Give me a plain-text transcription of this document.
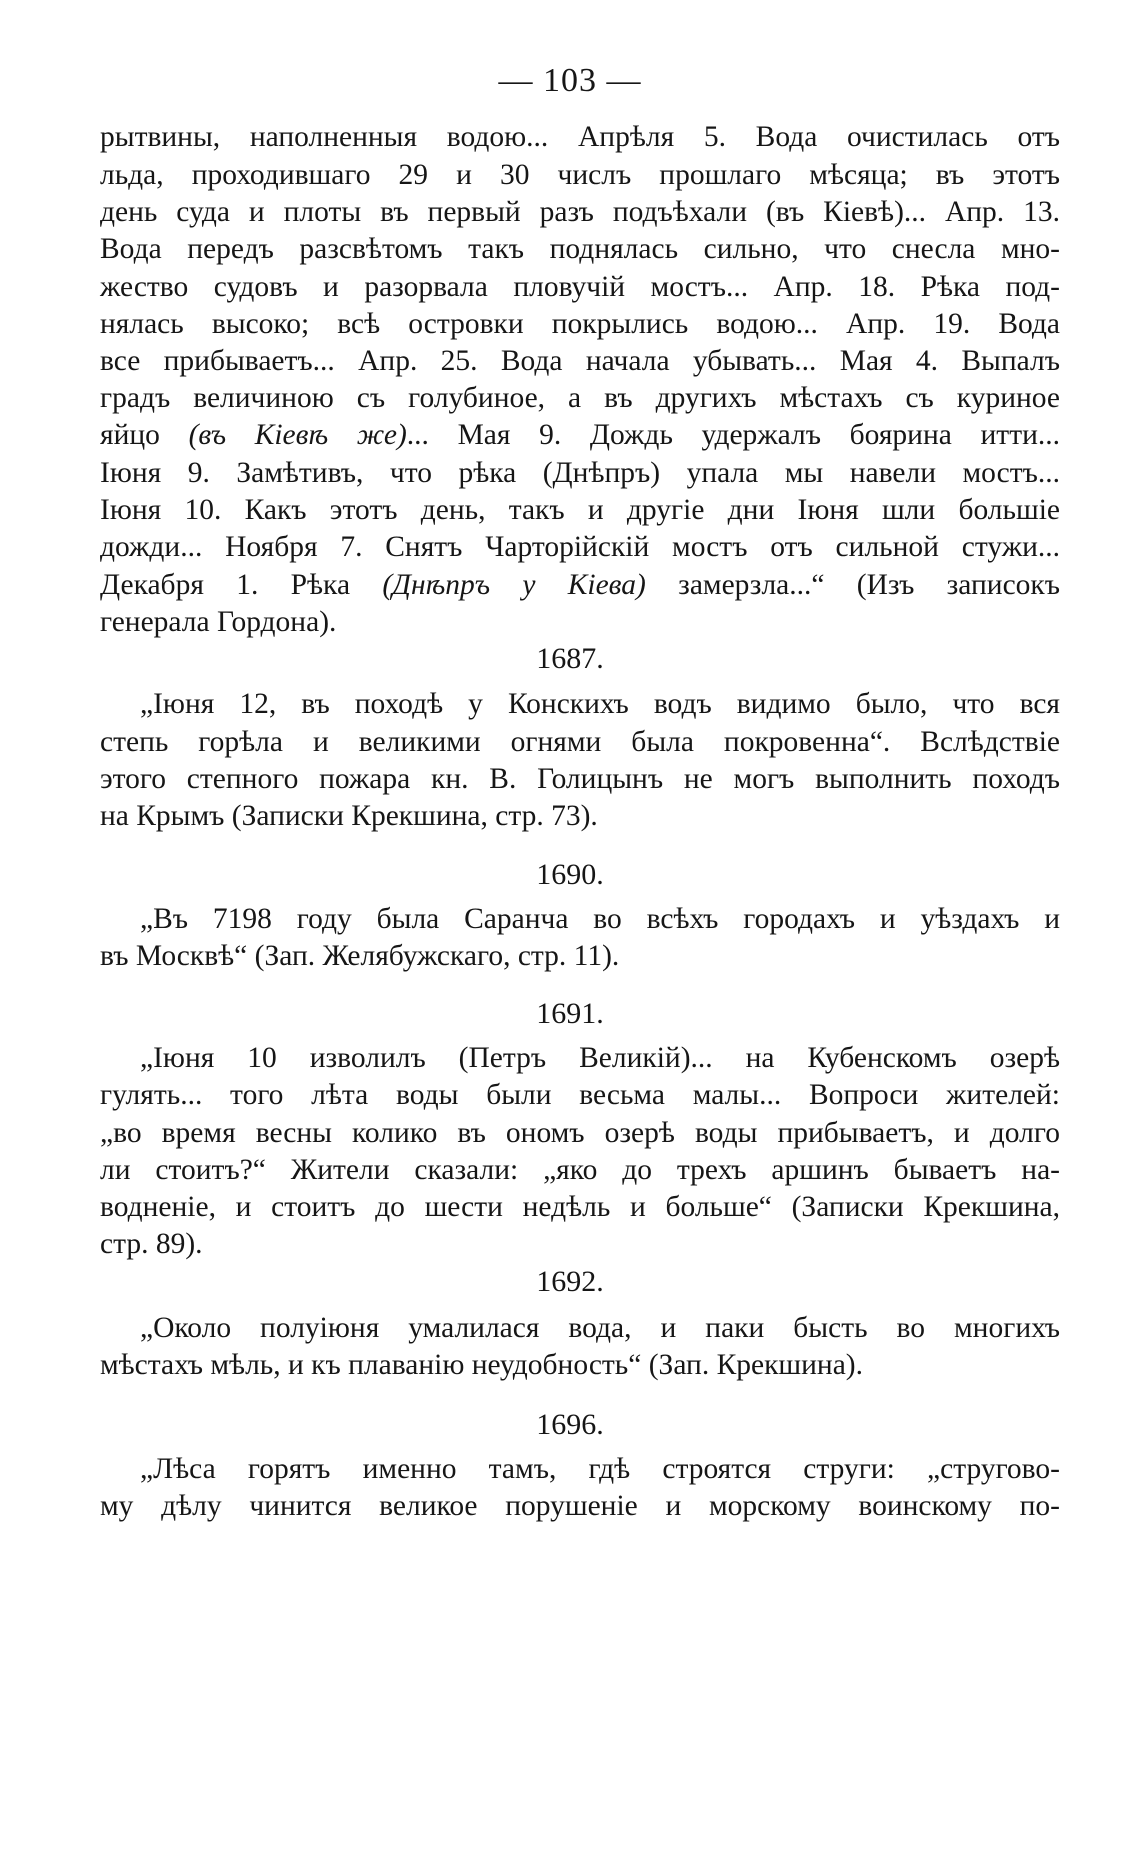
— 103 —
рытвины, наполненныя водою... Апрѣля 5. Вода очистилась отъ
льда, проходившаго 29 и 30 числъ прошлаго мѣсяца; въ этотъ
день суда и плоты въ первый разъ подъѣхали (въ Кіевѣ)... Апр. 13.
Вода передъ разсвѣтомъ такъ поднялась сильно, что снесла мно-
жество судовъ и разорвала пловучій мостъ... Апр. 18. Рѣка под-
нялась высоко; всѣ островки покрылись водою... Апр. 19. Вода
все прибываетъ... Апр. 25. Вода начала убывать... Мая 4. Выпалъ
градъ величиною съ голубиное, а въ другихъ мѣстахъ съ куриное
яйцо (въ Кіевѣ же)... Мая 9. Дождь удержалъ боярина итти...
Іюня 9. Замѣтивъ, что рѣка (Днѣпръ) упала мы навели мостъ...
Іюня 10. Какъ этотъ день, такъ и другіе дни Іюня шли большіе
дожди... Ноября 7. Снятъ Чарторійскій мостъ отъ сильной стужи...
Декабря 1. Рѣка (Днѣпръ у Кіева) замерзла...“ (Изъ записокъ
генерала Гордона).
1687.
„Іюня 12, въ походѣ у Конскихъ водъ видимо было, что вся
степь горѣла и великими огнями была покровенна“. Вслѣдствіе
этого степного пожара кн. В. Голицынъ не могъ выполнить походъ
на Крымъ (Записки Крекшина, стр. 73).
1690.
„Въ 7198 году была Саранча во всѣхъ городахъ и уѣздахъ и
въ Москвѣ“ (Зап. Желябужскаго, стр. 11).
1691.
„Іюня 10 изволилъ (Петръ Великій)... на Кубенскомъ озерѣ
гулять... того лѣта воды были весьма малы... Вопроси жителей:
„во время весны колико въ ономъ озерѣ воды прибываетъ, и долго
ли стоитъ?“ Жители сказали: „яко до трехъ аршинъ бываетъ на-
водненіе, и стоитъ до шести недѣль и больше“ (Записки Крекшина,
стр. 89).
1692.
„Около полуіюня умалилася вода, и паки бысть во многихъ
мѣстахъ мѣль, и къ плаванію неудобность“ (Зап. Крекшина).
1696.
„Лѣса горятъ именно тамъ, гдѣ строятся струги: „стругово-
му дѣлу чинится великое порушеніе и морскому воинскому по-
